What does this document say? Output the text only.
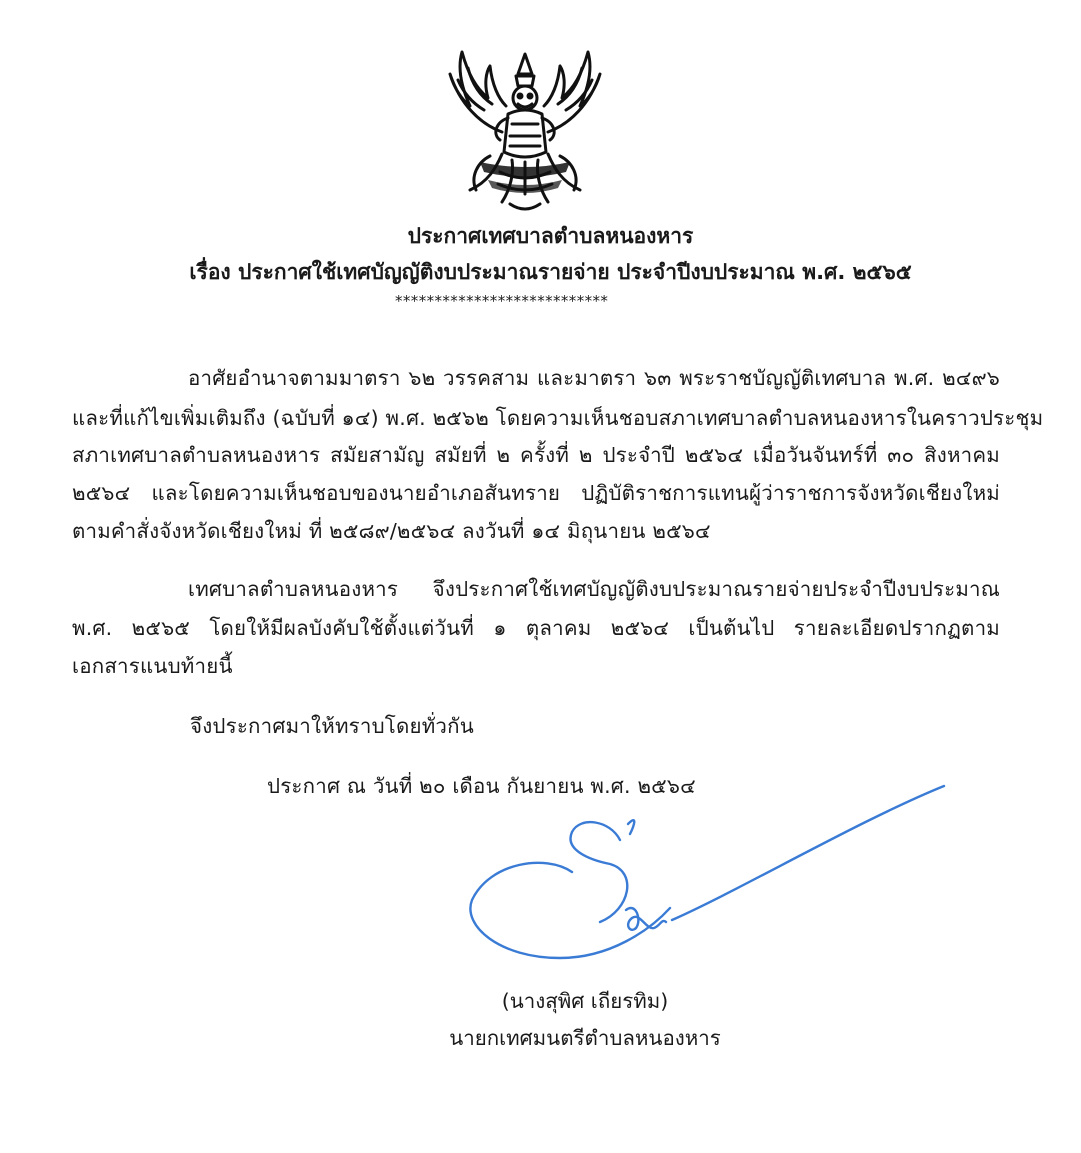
ประกาศเทศบาลตำบลหนองหาร
เรื่อง ประกาศใช้เทศบัญญัติงบประมาณรายจ่าย ประจำปีงบประมาณ พ.ศ. ๒๕๖๕
***************************
อาศัยอำนาจตามมาตรา ๖๒ วรรคสาม และมาตรา ๖๓ พระราชบัญญัติเทศบาล พ.ศ. ๒๔๙๖
และที่แก้ไขเพิ่มเติมถึง (ฉบับที่ ๑๔) พ.ศ. ๒๕๖๒ โดยความเห็นชอบสภาเทศบาลตำบลหนองหารในคราวประชุม
สภาเทศบาลตำบลหนองหาร สมัยสามัญ สมัยที่ ๒ ครั้งที่ ๒ ประจำปี ๒๕๖๔ เมื่อวันจันทร์ที่ ๓๐ สิงหาคม
๒๕๖๔ และโดยความเห็นชอบของนายอำเภอสันทราย ปฏิบัติราชการแทนผู้ว่าราชการจังหวัดเชียงใหม่
ตามคำสั่งจังหวัดเชียงใหม่ ที่ ๒๕๘๙/๒๕๖๔ ลงวันที่ ๑๔ มิถุนายน ๒๕๖๔
เทศบาลตำบลหนองหาร จึงประกาศใช้เทศบัญญัติงบประมาณรายจ่ายประจำปีงบประมาณ
พ.ศ. ๒๕๖๕ โดยให้มีผลบังคับใช้ตั้งแต่วันที่ ๑ ตุลาคม ๒๕๖๔ เป็นต้นไป รายละเอียดปรากฏตาม
เอกสารแนบท้ายนี้
จึงประกาศมาให้ทราบโดยทั่วกัน
ประกาศ ณ วันที่ ๒๐ เดือน กันยายน พ.ศ. ๒๕๖๔
(นางสุพิศ เถียรทิม)
นายกเทศมนตรีตำบลหนองหาร
